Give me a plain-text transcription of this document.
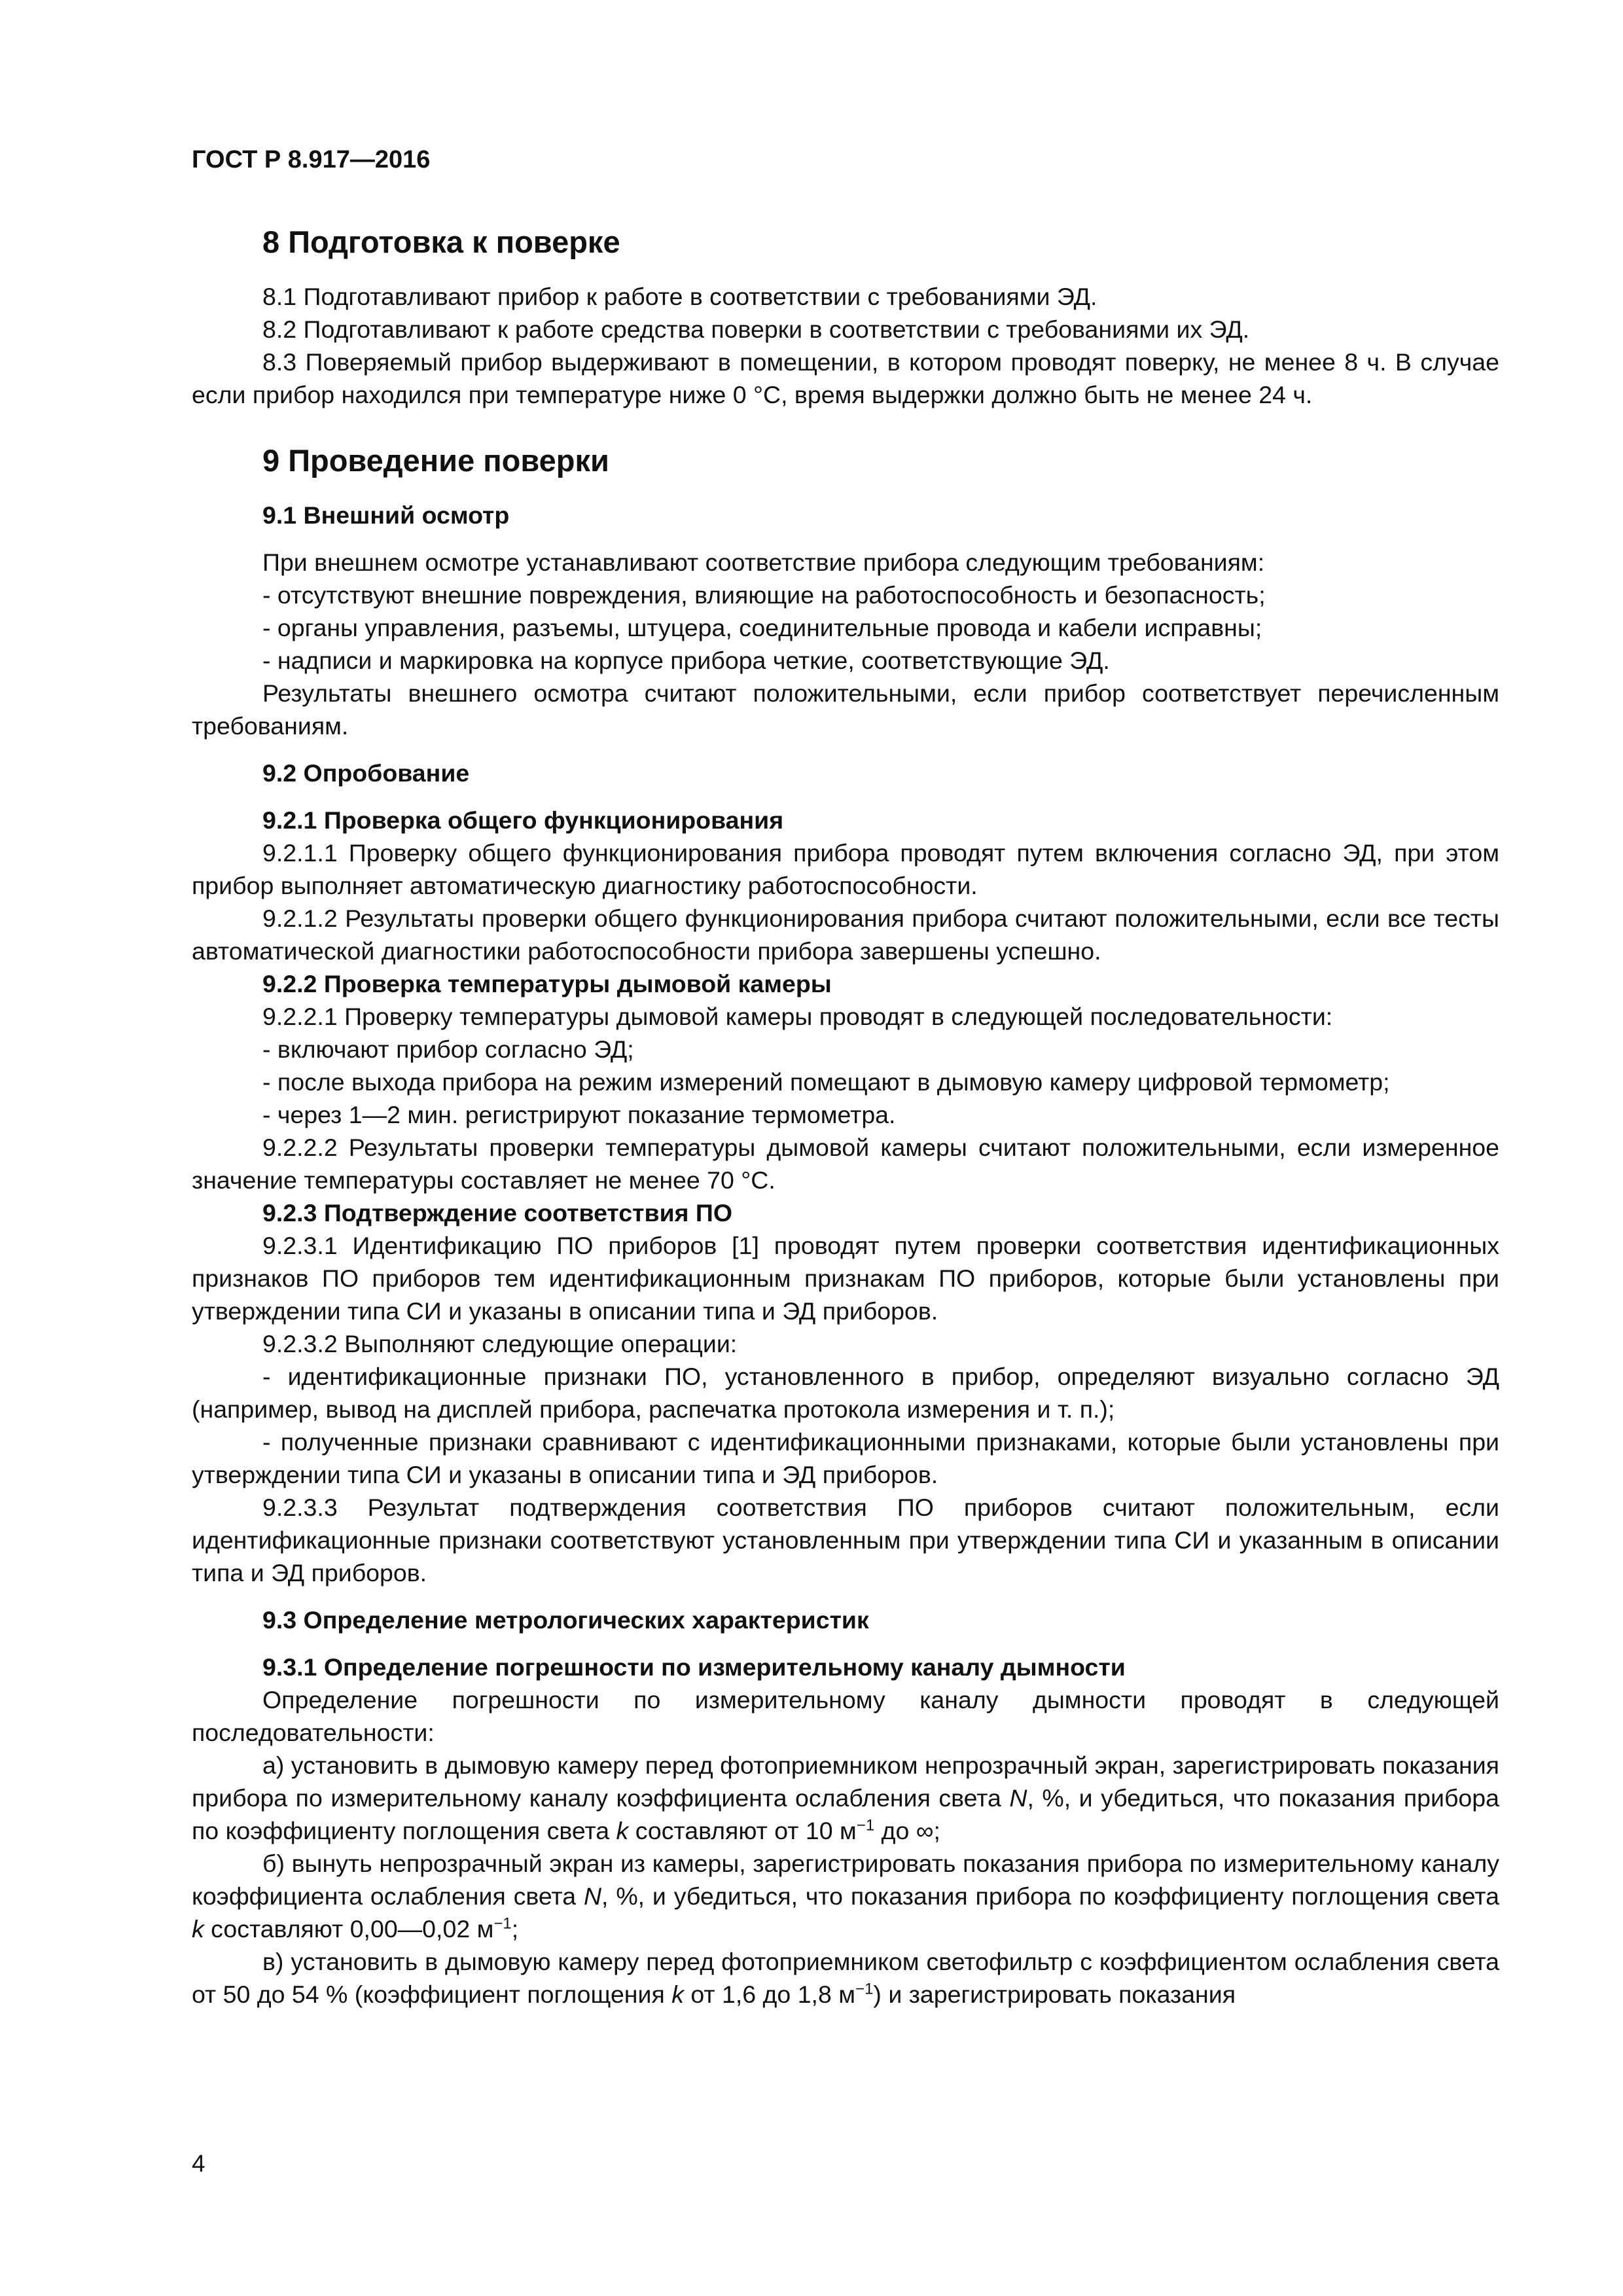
ГОСТ Р 8.917—2016
8 Подготовка к поверке

8.1 Подготавливают прибор к работе в соответствии с требованиями ЭД.

8.2 Подготавливают к работе средства поверки в соответствии с требованиями их ЭД.

8.3 Поверяемый прибор выдерживают в помещении, в котором проводят поверку, не менее 8 ч. В случае если прибор находился при температуре ниже 0 °С, время выдержки должно быть не менее 24 ч.

9 Проведение поверки
9.1 Внешний осмотр

При внешнем осмотре устанавливают соответствие прибора следующим требованиям:

- отсутствуют внешние повреждения, влияющие на работоспособность и безопасность;

- органы управления, разъемы, штуцера, соединительные провода и кабели исправны;

- надписи и маркировка на корпусе прибора четкие, соответствующие ЭД.

Результаты внешнего осмотра считают положительными, если прибор соответствует перечисленным требованиям.

9.2 Опробование
9.2.1 Проверка общего функционирования

9.2.1.1 Проверку общего функционирования прибора проводят путем включения согласно ЭД, при этом прибор выполняет автоматическую диагностику работоспособности.

9.2.1.2 Результаты проверки общего функционирования прибора считают положительными, если все тесты автоматической диагностики работоспособности прибора завершены успешно.

9.2.2 Проверка температуры дымовой камеры

9.2.2.1 Проверку температуры дымовой камеры проводят в следующей последовательности:

- включают прибор согласно ЭД;

- после выхода прибора на режим измерений помещают в дымовую камеру цифровой термометр;

- через 1—2 мин. регистрируют показание термометра.

9.2.2.2 Результаты проверки температуры дымовой камеры считают положительными, если измеренное значение температуры составляет не менее 70 °С.

9.2.3 Подтверждение соответствия ПО

9.2.3.1 Идентификацию ПО приборов [1] проводят путем проверки соответствия идентификационных признаков ПО приборов тем идентификационным признакам ПО приборов, которые были установлены при утверждении типа СИ и указаны в описании типа и ЭД приборов.

9.2.3.2 Выполняют следующие операции:

- идентификационные признаки ПО, установленного в прибор, определяют визуально согласно ЭД (например, вывод на дисплей прибора, распечатка протокола измерения и т. п.);

- полученные признаки сравнивают с идентификационными признаками, которые были установлены при утверждении типа СИ и указаны в описании типа и ЭД приборов.

9.2.3.3 Результат подтверждения соответствия ПО приборов считают положительным, если идентификационные признаки соответствуют установленным при утверждении типа СИ и указанным в описании типа и ЭД приборов.

9.3 Определение метрологических характеристик
9.3.1 Определение погрешности по измерительному каналу дымности

Определение погрешности по измерительному каналу дымности проводят в следующей последовательности:

а) установить в дымовую камеру перед фотоприемником непрозрачный экран, зарегистрировать показания прибора по измерительному каналу коэффициента ослабления света N, %, и убедиться, что показания прибора по коэффициенту поглощения света k составляют от 10 $м^{-1}$ до ∞;

б) вынуть непрозрачный экран из камеры, зарегистрировать показания прибора по измерительному каналу коэффициента ослабления света N, %, и убедиться, что показания прибора по коэффициенту поглощения света k составляют 0,00—0,02 $м^{-1}$;

в) установить в дымовую камеру перед фотоприемником светофильтр с коэффициентом ослабления света от 50 до 54 % (коэффициент поглощения k от 1,6 до 1,8 $м^{-1}$) и зарегистрировать показания

4
